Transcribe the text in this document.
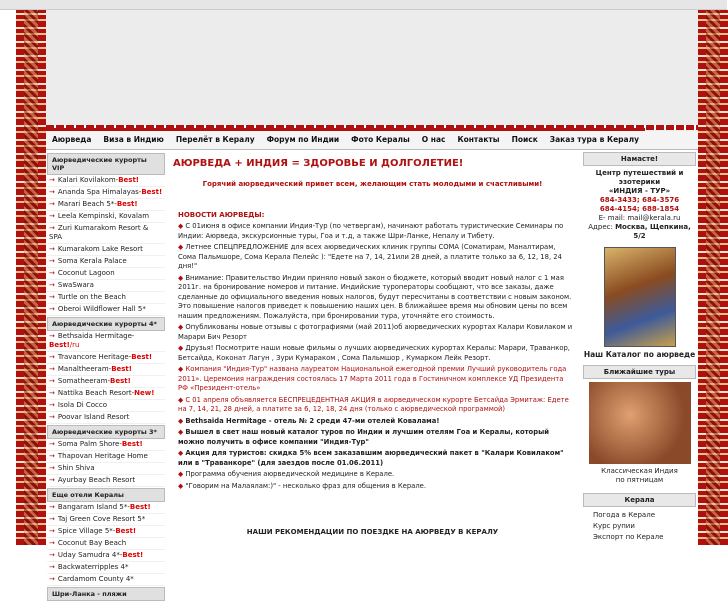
Аюрведа	Виза в Индию	Перелёт в Кералу	Форум по Индии	Фото Кералы	О нас	Контакты	Поиск	Заказ тура в Кералу
Аюрведические курорты VIP
→ Kalari Kovilakom-Best!
→ Ananda Spa Himalayas-Best!
→ Marari Beach 5*-Best!
→ Leela Kempinski, Kovalam
→ Zuri Kumarakom Resort & SPA
→ Kumarakom Lake Resort
→ Soma Kerala Palace
→ Coconut Lagoon
→ SwaSwara
→ Turtle on the Beach
→ Oberoi Wildflower Hall 5*
Аюрведические курорты 4*
→ Bethsaida Hermitage-Best!/ru
→ Travancore Heritage-Best!
→ Manaltheeram-Best!
→ Somatheeram-Best!
→ Nattika Beach Resort-New!
→ Isola Di Cocco
→ Poovar Island Resort
Аюрведические курорты 3*
→ Soma Palm Shore-Best!
→ Thapovan Heritage Home
→ Shin Shiva
→ Ayurbay Beach Resort
Еще отели Кералы
→ Bangaram Island 5*-Best!
→ Taj Green Cove Resort 5*
→ Spice Village 5*-Best!
→ Coconut Bay Beach
→ Uday Samudra 4*-Best!
→ Backwaterripples 4*
→ Cardamom County 4*
Шри-Ланка - пляжи
АЮРВЕДА + ИНДИЯ = ЗДОРОВЬЕ И ДОЛГОЛЕТИЕ!
Горячий аюрведический привет всем, желающим стать молодыми и счастливыми!
НОВОСТИ АЮРВЕДЫ:

◆ С 01июня в офисе компании Индия-Тур (по четвергам), начинают работать туристические Семинары по Индии: Аюрведа, экскурсионные туры, Гоа и т.д, а также Шри-Ланке, Непалу и Тибету.

◆ Летнее СПЕЦПРЕДЛОЖЕНИЕ для всех аюрведических клиник группы СОМА (Соматирам, Маналтирам, Сома Пальмшоре, Сома Керала Пелейс ): "Едете на 7, 14, 21или 28 дней, а платите только за 6, 12, 18, 24 дня!"

◆ Внимание: Правительство Индии приняло новый закон о бюджете, который вводит новый налог с 1 мая 2011г. на бронирование номеров и питание. Индийские туроператоры сообщают, что все заказы, даже сделанные до официального введения новых налогов, будут пересчитаны в соответствии с новым законом. Это повышение налогов приведет к повышению наших цен. В ближайшее время мы обновим цены по всем нашим предложениям. Пожалуйста, при бронировании тура, уточняйте его стоимость.

◆ Опубликованы новые отзывы с фотографиями (май 2011)об аюрведических курортах Калари Ковилаком и Марари Бич Резорт

◆ Друзья! Посмотрите наши новые фильмы о лучших аюрведических курортах Кералы: Марари, Траванкор, Бетсайда, Коконат Лагун , Зури Кумараком , Сома Пальмшор , Кумарком Лейк Резорт.

◆ Компания "Индия-Тур" названа лауреатом Национальной ежегодной премии Лучший руководитель года 2011». Церемония награждения состоялась 17 Марта 2011 года в Гостиничном комплексе УД Президента РФ «Президент-отель»

◆ С 01 апреля объявляется БЕСПРЕЦЕДЕНТНАЯ АКЦИЯ в аюрведическом курорте Бетсайда Эрмитаж: Едете на 7, 14, 21, 28 дней, а платите за 6, 12, 18, 24 дня (только с аюрведической программой)

◆ Bethsaida Hermitage - отель № 2 среди 47-ми отелей Ковалама!

◆ Вышел в свет наш новый каталог туров по Индии и лучшим отелям Гоа и Кералы, который можно получить в офисе компании "Индия-Тур"

◆ Акция для туристов: скидка 5% всем заказавшим аюрведический пакет в "Калари Ковилаком" или в "Траванкоре" (для заездов после 01.06.2011)

◆ Программа обучения аюрведической медицине в Керале.

◆ "Говорим на Малаялам:)" - несколько фраз для общения в Керале.

НАШИ РЕКОМЕНДАЦИИ ПО ПОЕЗДКЕ НА АЮРВЕДУ В КЕРАЛУ
Намасте!
Центр путешествий и эзотерики
«ИНДИЯ - ТУР»
684-3433; 684-3576
684-4154; 688-1854
E- mail: mail@kerala.ru
Адрес: Москва, Щепкина, 5/2
Наш Каталог по аюрведе
Ближайшие туры
Классическая Индия
по пятницам
Керала
Погода в Керале
Курс рупии
Экспорт по Керале
